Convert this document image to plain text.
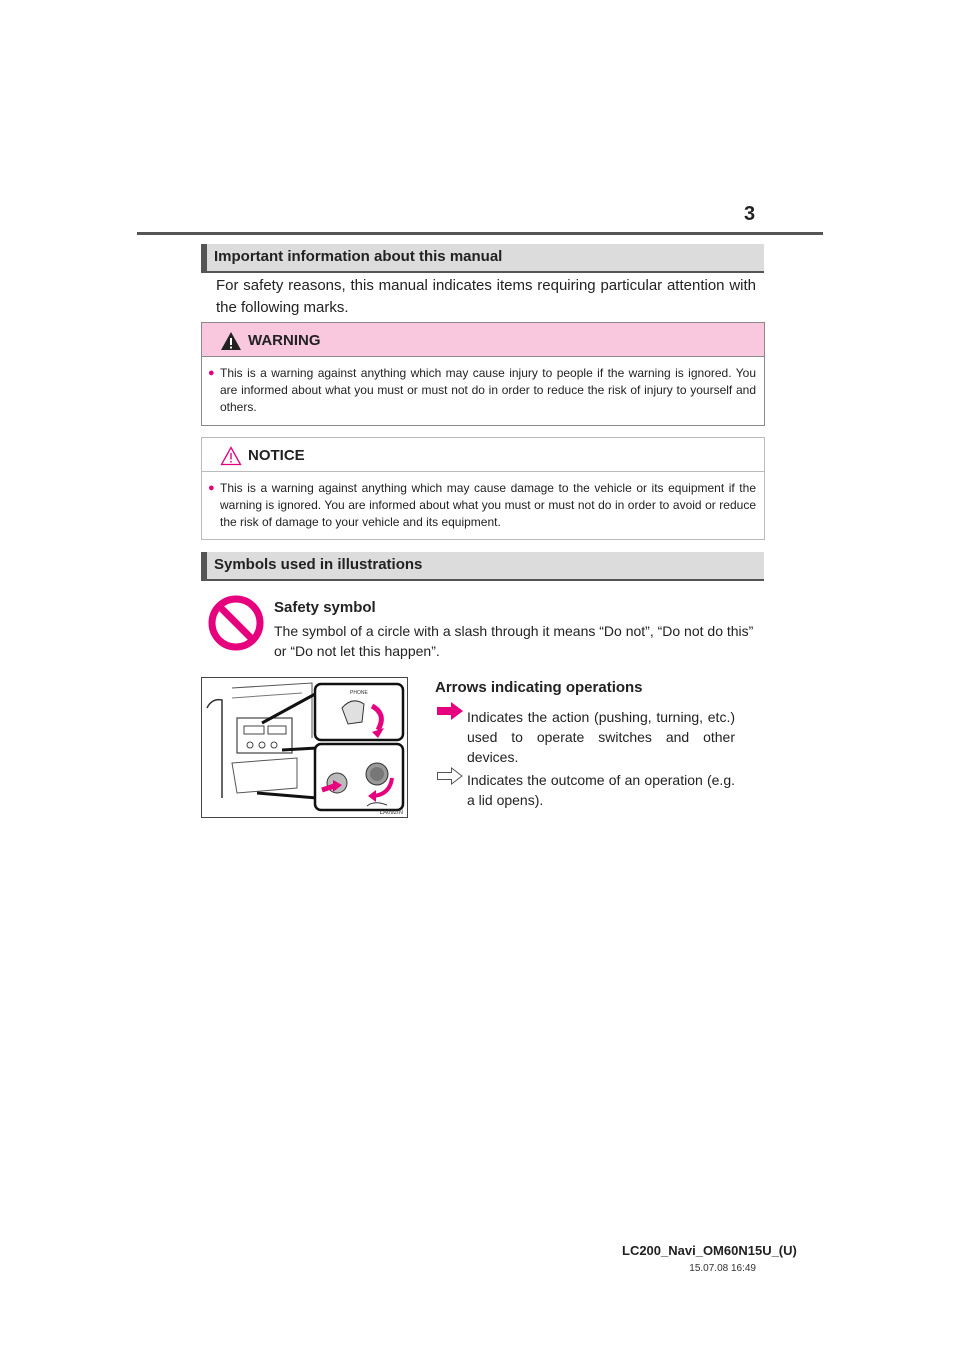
3
Important information about this manual
For safety reasons, this manual indicates items requiring particular attention with the following marks.
WARNING
● This is a warning against anything which may cause injury to people if the warning is ignored. You are informed about what you must or must not do in order to reduce the risk of injury to yourself and others.
NOTICE
● This is a warning against anything which may cause damage to the vehicle or its equipment if the warning is ignored. You are informed about what you must or must not do in order to avoid or reduce the risk of damage to your vehicle and its equipment.
Symbols used in illustrations
Safety symbol
The symbol of a circle with a slash through it means “Do not”, “Do not do this” or “Do not let this happen”.
PHONE
LA092IN
Arrows indicating operations
Indicates the action (pushing, turning, etc.) used to operate switches and other devices.
Indicates the outcome of an operation (e.g. a lid opens).
LC200_Navi_OM60N15U_(U)
15.07.08 16:49
